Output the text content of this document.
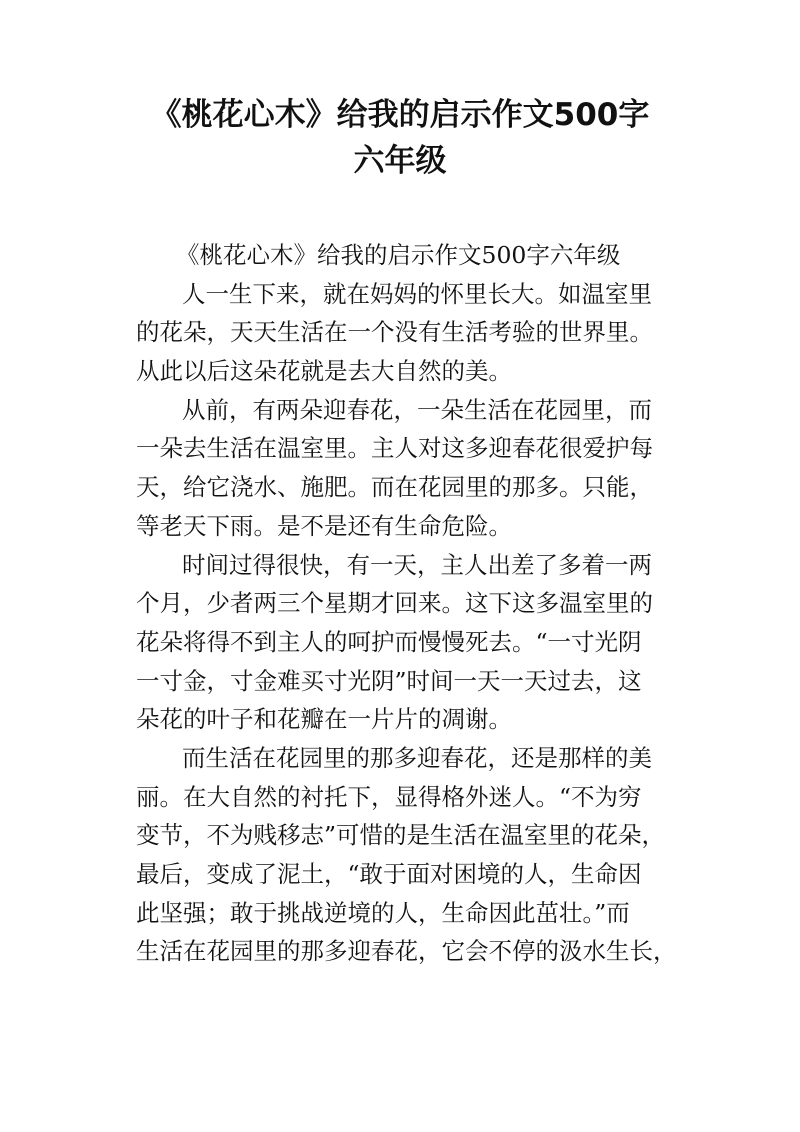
《桃花心木》给我的启示作文500字
六年级
《桃花心木》给我的启示作文500字六年级
人一生下来，就在妈妈的怀里长大。如温室里
的花朵，天天生活在一个没有生活考验的世界里。
从此以后这朵花就是去大自然的美。
从前，有两朵迎春花，一朵生活在花园里，而
一朵去生活在温室里。主人对这多迎春花很爱护每
天，给它浇水、施肥。而在花园里的那多。只能，
等老天下雨。是不是还有生命危险。
时间过得很快，有一天，主人出差了多着一两
个月，少者两三个星期才回来。这下这多温室里的
花朵将得不到主人的呵护而慢慢死去。“一寸光阴
一寸金，寸金难买寸光阴”时间一天一天过去，这
朵花的叶子和花瓣在一片片的凋谢。
而生活在花园里的那多迎春花，还是那样的美
丽。在大自然的衬托下，显得格外迷人。“不为穷
变节，不为贱移志”可惜的是生活在温室里的花朵，
最后，变成了泥土，“敢于面对困境的人，生命因
此坚强；敢于挑战逆境的人，生命因此茁壮。”而
生活在花园里的那多迎春花，它会不停的汲水生长，
